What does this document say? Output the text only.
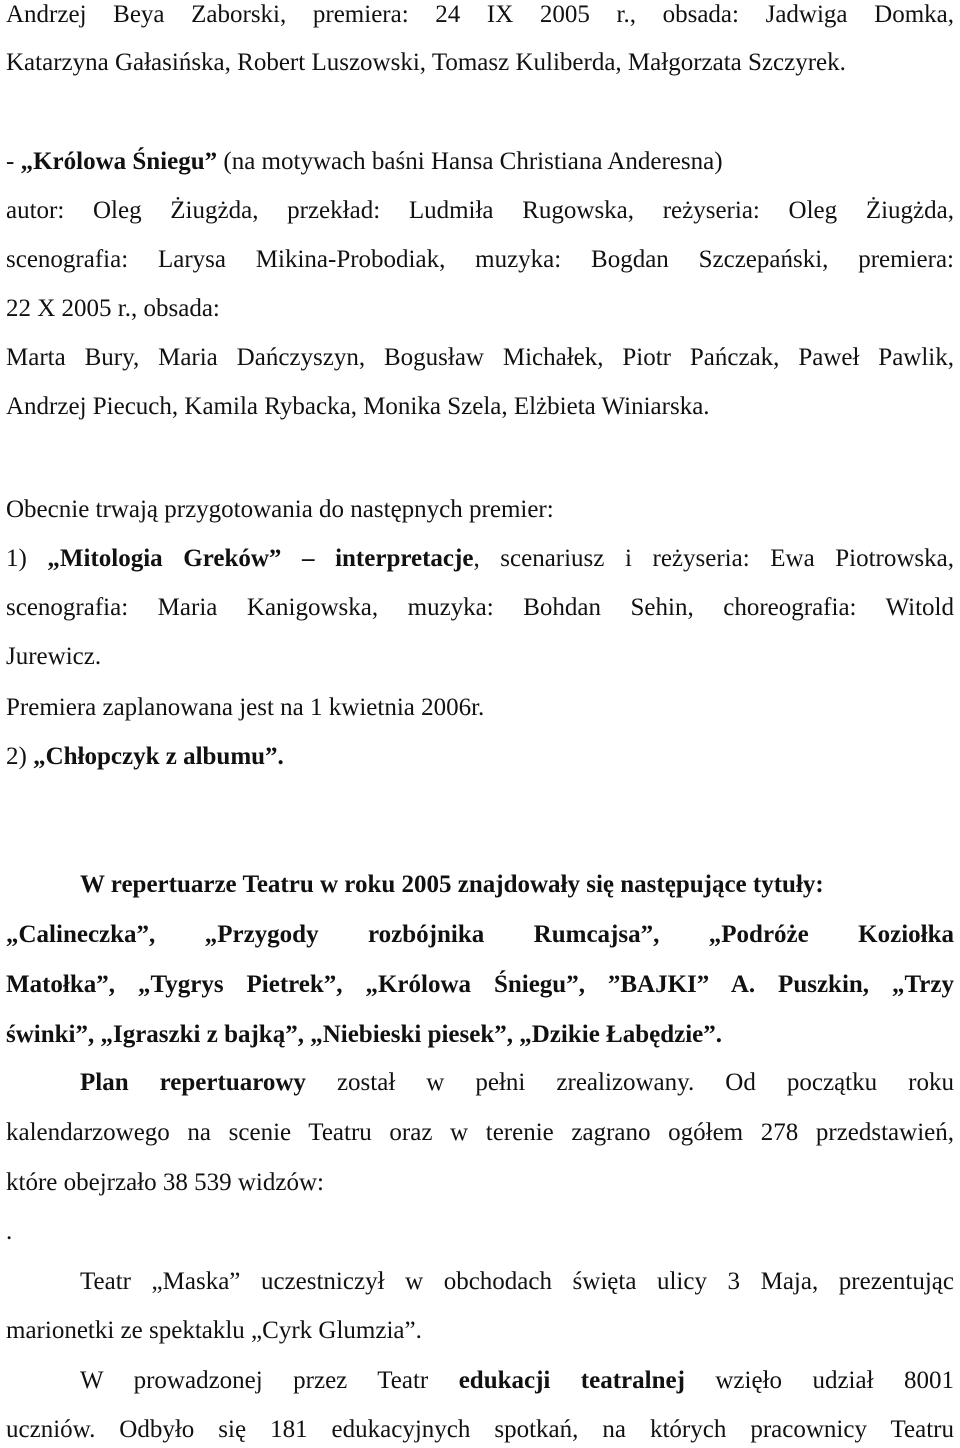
Andrzej Beya Zaborski, premiera: 24 IX 2005 r., obsada: Jadwiga Domka,
Katarzyna Gałasińska, Robert Luszowski, Tomasz Kuliberda, Małgorzata Szczyrek.
- „Królowa Śniegu” (na motywach baśni Hansa Christiana Anderesna)
autor: Oleg Żiugżda, przekład: Ludmiła Rugowska, reżyseria: Oleg Żiugżda,
scenografia: Larysa Mikina-Probodiak, muzyka: Bogdan Szczepański, premiera:
22 X 2005 r., obsada:
Marta Bury, Maria Dańczyszyn, Bogusław Michałek, Piotr Pańczak, Paweł Pawlik,
Andrzej Piecuch, Kamila Rybacka, Monika Szela, Elżbieta Winiarska.
Obecnie trwają przygotowania do następnych premier:
1) „Mitologia Greków” – interpretacje, scenariusz i reżyseria: Ewa Piotrowska,
scenografia: Maria Kanigowska, muzyka: Bohdan Sehin, choreografia: Witold
Jurewicz.
Premiera zaplanowana jest na 1 kwietnia 2006r.
2) „Chłopczyk z albumu”.
W repertuarze Teatru w roku 2005 znajdowały się następujące tytuły:
„Calineczka”, „Przygody rozbójnika Rumcajsa”, „Podróże Koziołka
Matołka”, „Tygrys Pietrek”, „Królowa Śniegu”, ”BAJKI” A. Puszkin, „Trzy
świnki”, „Igraszki z bajką”, „Niebieski piesek”, „Dzikie Łabędzie”.
Plan repertuarowy został w pełni zrealizowany. Od początku roku
kalendarzowego na scenie Teatru oraz w terenie zagrano ogółem 278 przedstawień,
które obejrzało 38 539 widzów:
.
Teatr „Maska” uczestniczył w obchodach święta ulicy 3 Maja, prezentując
marionetki ze spektaklu „Cyrk Glumzia”.
W prowadzonej przez Teatr edukacji teatralnej wzięło udział 8001
uczniów. Odbyło się 181 edukacyjnych spotkań, na których pracownicy Teatru
